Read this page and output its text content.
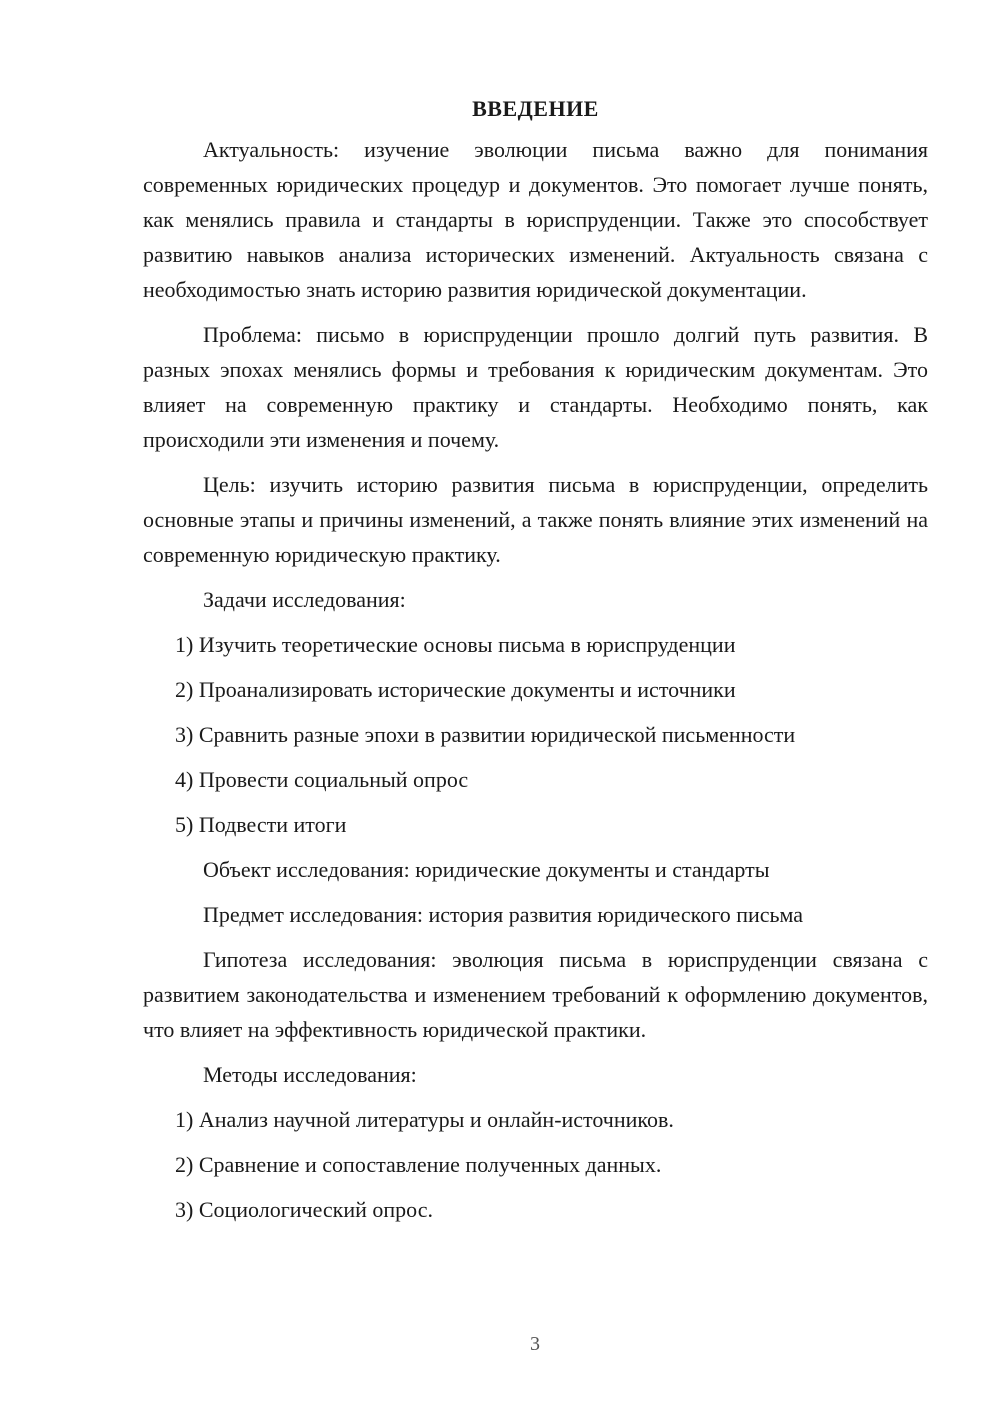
ВВЕДЕНИЕ

Актуальность: изучение эволюции письма важно для понимания современных юридических процедур и документов. Это помогает лучше понять, как менялись правила и стандарты в юриспруденции. Также это способствует развитию навыков анализа исторических изменений. Актуальность связана с необходимостью знать историю развития юридической документации.

Проблема: письмо в юриспруденции прошло долгий путь развития. В разных эпохах менялись формы и требования к юридическим документам. Это влияет на современную практику и стандарты. Необходимо понять, как происходили эти изменения и почему.

Цель: изучить историю развития письма в юриспруденции, определить основные этапы и причины изменений, а также понять влияние этих изменений на современную юридическую практику.

Задачи исследования:

1) Изучить теоретические основы письма в юриспруденции
2) Проанализировать исторические документы и источники
3) Сравнить разные эпохи в развитии юридической письменности
4) Провести социальный опрос
5) Подвести итоги

Объект исследования: юридические документы и стандарты

Предмет исследования: история развития юридического письма

Гипотеза исследования: эволюция письма в юриспруденции связана с развитием законодательства и изменением требований к оформлению документов, что влияет на эффективность юридической практики.

Методы исследования:

1) Анализ научной литературы и онлайн-источников.
2) Сравнение и сопоставление полученных данных.
3) Социологический опрос.
3
